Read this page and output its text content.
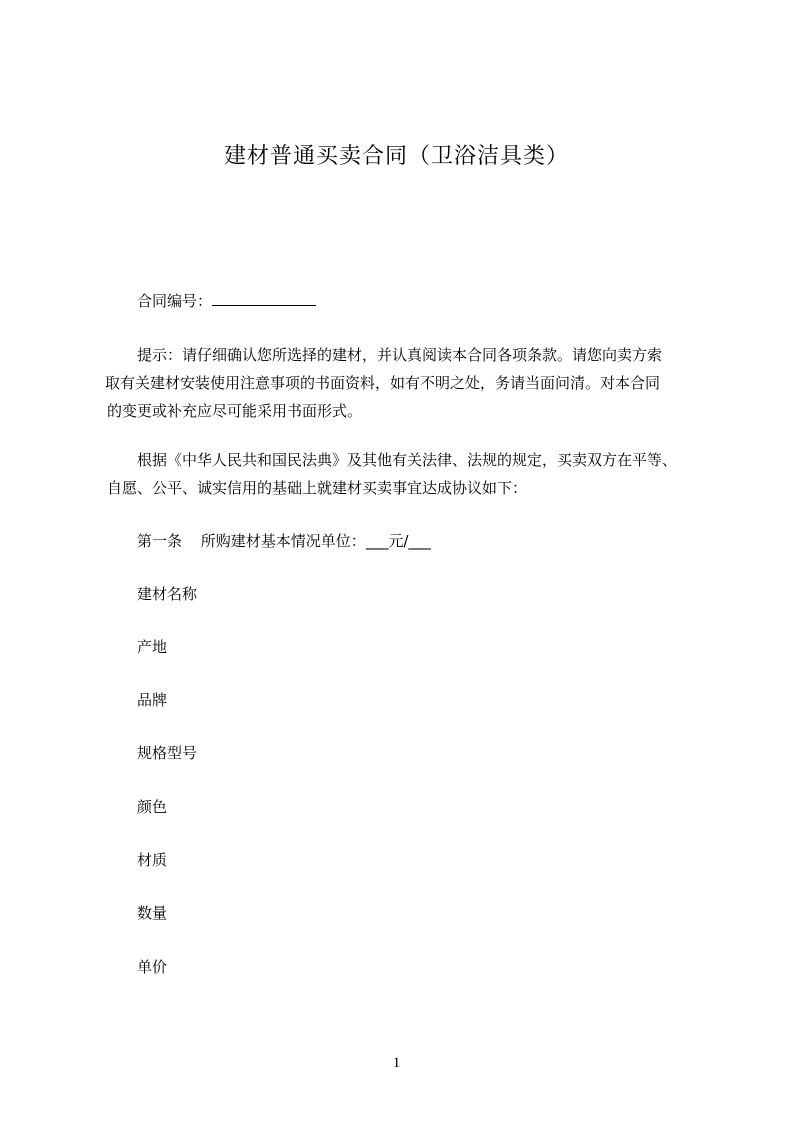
建材普通买卖合同（卫浴洁具类）
合同编号：
提示：请仔细确认您所选择的建材，并认真阅读本合同各项条款。请您向卖方索
取有关建材安装使用注意事项的书面资料，如有不明之处，务请当面问清。对本合同
的变更或补充应尽可能采用书面形式。
根据《中华人民共和国民法典》及其他有关法律、法规的规定，买卖双方在平等、
自愿、公平、诚实信用的基础上就建材买卖事宜达成协议如下：
第一条 所购建材基本情况单位：___元/___
建材名称
产地
品牌
规格型号
颜色
材质
数量
单价
1
